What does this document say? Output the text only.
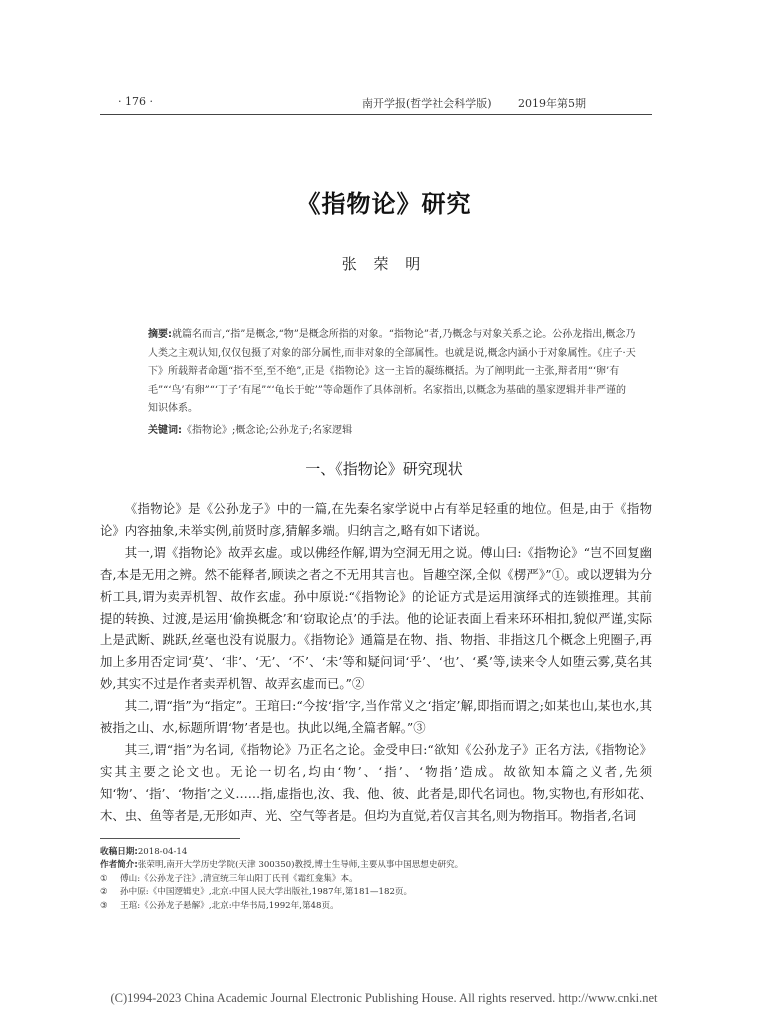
· 176 ·	南开学报(哲学社会科学版) 2019年第5期
《指物论》研究
张 荣 明
摘要:就篇名而言,“指”是概念,“物”是概念所指的对象。“指物论”者,乃概念与对象关系之论。公孙龙指出,概念乃人类之主观认知,仅仅包摄了对象的部分属性,而非对象的全部属性。也就是说,概念内涵小于对象属性。《庄子·天下》所载辩者命题“指不至,至不绝”,正是《指物论》这一主旨的凝练概括。为了阐明此一主张,辩者用“‘卵’有毛”“‘鸟’有卵”“‘丁子’有尾”“‘龟长于蛇’”等命题作了具体剖析。名家指出,以概念为基础的墨家逻辑并非严谨的知识体系。
关键词:《指物论》;概念论;公孙龙子;名家逻辑
一、《指物论》研究现状

《指物论》是《公孙龙子》中的一篇,在先秦名家学说中占有举足轻重的地位。但是,由于《指物论》内容抽象,未举实例,前贤时彦,猜解多端。归纳言之,略有如下诸说。

其一,谓《指物论》故弄玄虚。或以佛经作解,谓为空洞无用之说。傅山曰:《指物论》“岂不回复幽杳,本是无用之辨。然不能释者,顾读之者之不无用其言也。旨趣空深,全似《楞严》”①。或以逻辑为分析工具,谓为卖弄机智、故作玄虚。孙中原说:“《指物论》的论证方式是运用演绎式的连锁推理。其前提的转换、过渡,是运用‘偷换概念’和‘窃取论点’的手法。他的论证表面上看来环环相扣,貌似严谨,实际上是武断、跳跃,丝毫也没有说服力。《指物论》通篇是在物、指、物指、非指这几个概念上兜圈子,再加上多用否定词‘莫’、‘非’、‘无’、‘不’、‘未’等和疑问词‘乎’、‘也’、‘奚’等,读来令人如堕云雾,莫名其妙,其实不过是作者卖弄机智、故弄玄虚而已。”②

其二,谓“指”为“指定”。王琯曰:“今按‘指’字,当作常义之‘指定’解,即指而谓之;如某也山,某也水,其被指之山、水,标题所谓‘物’者是也。执此以绳,全篇者解。”③

其三,谓“指”为名词,《指物论》乃正名之论。金受申曰:“欲知《公孙龙子》正名方法,《指物论》实其主要之论文也。无论一切名,均由‘物’、‘指’、‘物指’造成。故欲知本篇之义者,先须知‘物’、‘指’、‘物指’之义……指,虚指也,汝、我、他、彼、此者是,即代名词也。物,实物也,有形如花、木、虫、鱼等者是,无形如声、光、空气等者是。但均为直觉,若仅言其名,则为物指耳。物指者,名词

收稿日期:2018-04-14
作者简介:张荣明,南开大学历史学院(天津 300350)教授,博士生导师,主要从事中国思想史研究。
① 傅山:《公孙龙子注》,清宣统三年山阳丁氏刊《霜红龛集》本。
② 孙中原:《中国逻辑史》,北京:中国人民大学出版社,1987年,第181—182页。
③ 王琯:《公孙龙子悬解》,北京:中华书局,1992年,第48页。
(C)1994-2023 China Academic Journal Electronic Publishing House. All rights reserved. http://www.cnki.net
